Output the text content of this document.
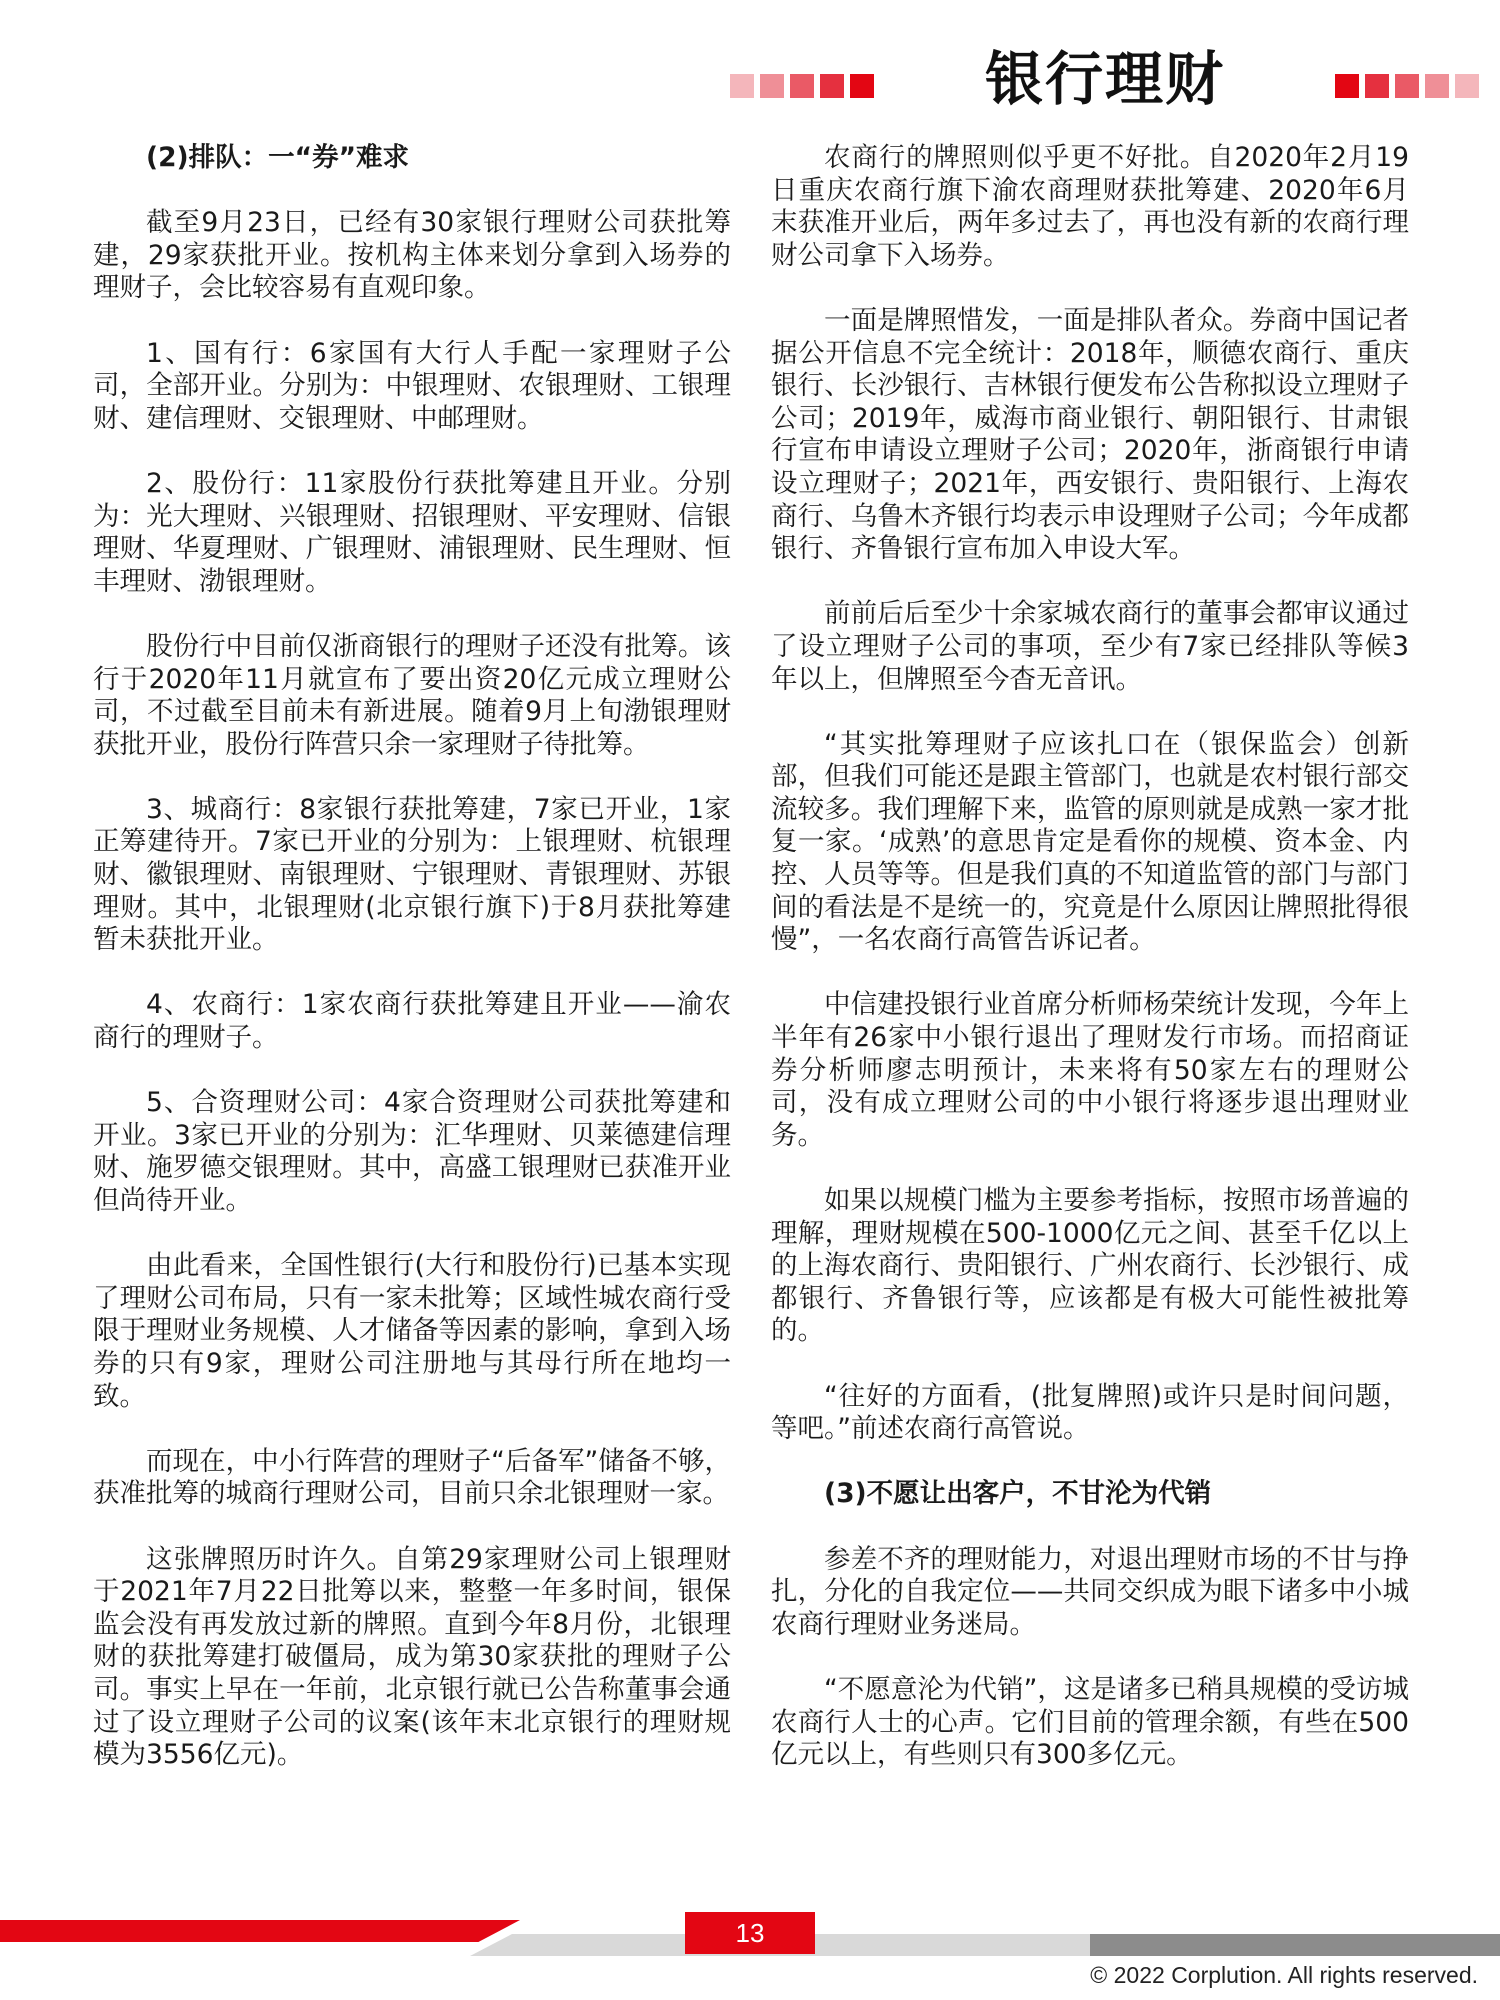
银行理财

(2)排队：一“券”难求

截至9月23日，已经有30家银行理财公司获批筹建，29家获批开业。按机构主体来划分拿到入场券的理财子，会比较容易有直观印象。

1、国有行：6家国有大行人手配一家理财子公司，全部开业。分别为：中银理财、农银理财、工银理财、建信理财、交银理财、中邮理财。

2、股份行：11家股份行获批筹建且开业。分别为：光大理财、兴银理财、招银理财、平安理财、信银理财、华夏理财、广银理财、浦银理财、民生理财、恒丰理财、渤银理财。

股份行中目前仅浙商银行的理财子还没有批筹。该行于2020年11月就宣布了要出资20亿元成立理财公司，不过截至目前未有新进展。随着9月上旬渤银理财获批开业，股份行阵营只余一家理财子待批筹。

3、城商行：8家银行获批筹建，7家已开业，1家正筹建待开。7家已开业的分别为：上银理财、杭银理财、徽银理财、南银理财、宁银理财、青银理财、苏银理财。其中，北银理财(北京银行旗下)于8月获批筹建暂未获批开业。

4、农商行：1家农商行获批筹建且开业——渝农商行的理财子。

5、合资理财公司：4家合资理财公司获批筹建和开业。3家已开业的分别为：汇华理财、贝莱德建信理财、施罗德交银理财。其中，高盛工银理财已获准开业但尚待开业。

由此看来，全国性银行(大行和股份行)已基本实现了理财公司布局，只有一家未批筹；区域性城农商行受限于理财业务规模、人才储备等因素的影响，拿到入场券的只有9家，理财公司注册地与其母行所在地均一致。

而现在，中小行阵营的理财子“后备军”储备不够，获准批筹的城商行理财公司，目前只余北银理财一家。

这张牌照历时许久。自第29家理财公司上银理财于2021年7月22日批筹以来，整整一年多时间，银保监会没有再发放过新的牌照。直到今年8月份，北银理财的获批筹建打破僵局，成为第30家获批的理财子公司。事实上早在一年前，北京银行就已公告称董事会通过了设立理财子公司的议案(该年末北京银行的理财规模为3556亿元)。

农商行的牌照则似乎更不好批。自2020年2月19日重庆农商行旗下渝农商理财获批筹建、2020年6月末获准开业后，两年多过去了，再也没有新的农商行理财公司拿下入场券。

一面是牌照惜发，一面是排队者众。券商中国记者据公开信息不完全统计：2018年，顺德农商行、重庆银行、长沙银行、吉林银行便发布公告称拟设立理财子公司；2019年，威海市商业银行、朝阳银行、甘肃银行宣布申请设立理财子公司；2020年，浙商银行申请设立理财子；2021年，西安银行、贵阳银行、上海农商行、乌鲁木齐银行均表示申设理财子公司；今年成都银行、齐鲁银行宣布加入申设大军。

前前后后至少十余家城农商行的董事会都审议通过了设立理财子公司的事项，至少有7家已经排队等候3年以上，但牌照至今杳无音讯。

“其实批筹理财子应该扎口在（银保监会）创新部，但我们可能还是跟主管部门，也就是农村银行部交流较多。我们理解下来，监管的原则就是成熟一家才批复一家。‘成熟’的意思肯定是看你的规模、资本金、内控、人员等等。但是我们真的不知道监管的部门与部门间的看法是不是统一的，究竟是什么原因让牌照批得很慢”，一名农商行高管告诉记者。

中信建投银行业首席分析师杨荣统计发现，今年上半年有26家中小银行退出了理财发行市场。而招商证券分析师廖志明预计，未来将有50家左右的理财公司，没有成立理财公司的中小银行将逐步退出理财业务。

如果以规模门槛为主要参考指标，按照市场普遍的理解，理财规模在500-1000亿元之间、甚至千亿以上的上海农商行、贵阳银行、广州农商行、长沙银行、成都银行、齐鲁银行等，应该都是有极大可能性被批筹的。

“往好的方面看，(批复牌照)或许只是时间问题，等吧。”前述农商行高管说。

(3)不愿让出客户，不甘沦为代销

参差不齐的理财能力，对退出理财市场的不甘与挣扎，分化的自我定位——共同交织成为眼下诸多中小城农商行理财业务迷局。

“不愿意沦为代销”，这是诸多已稍具规模的受访城农商行人士的心声。它们目前的管理余额，有些在500亿元以上，有些则只有300多亿元。

13
© 2022 Corplution. All rights reserved.
